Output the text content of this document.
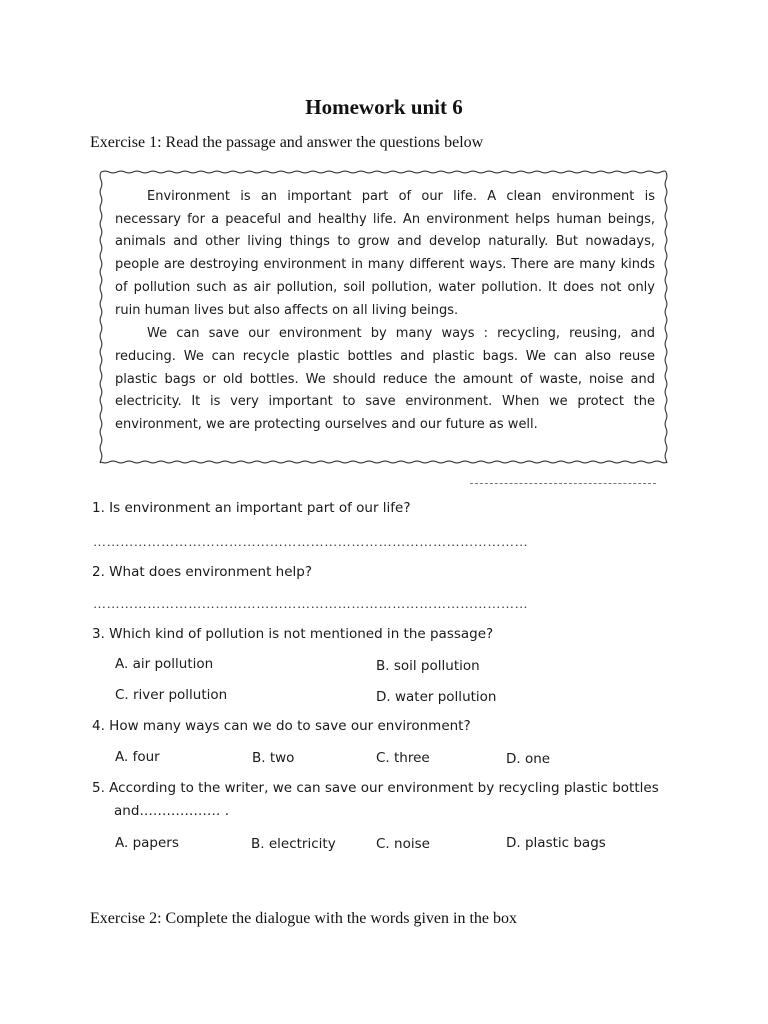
Homework unit 6
Exercise 1: Read the passage and answer the questions below

Environment is an important part of our life. A clean environment is necessary for a peaceful and healthy life. An environment helps human beings, animals and other living things to grow and develop naturally. But nowadays, people are destroying environment in many different ways. There are many kinds of pollution such as air pollution, soil pollution, water pollution. It does not only ruin human lives but also affects on all living beings.

We can save our environment by many ways : recycling, reusing, and reducing. We can recycle plastic bottles and plastic bags. We can also reuse plastic bags or old bottles. We should reduce the amount of waste, noise and electricity. It is very important to save environment. When we protect the environment, we are protecting ourselves and our future as well.

1. Is environment an important part of our life?
……………………………………………………………………………………
2. What does environment help?
……………………………………………………………………………………
3. Which kind of pollution is not mentioned in the passage?
A. air pollution	B. soil pollution
C. river pollution	D. water pollution
4. How many ways can we do to save our environment?
A. four	B. two	C. three	D. one
5. According to the writer, we can save our environment by recycling plastic bottles
and……………… .
A. papers	B. electricity	C. noise	D. plastic bags
Exercise 2: Complete the dialogue with the words given in the box
